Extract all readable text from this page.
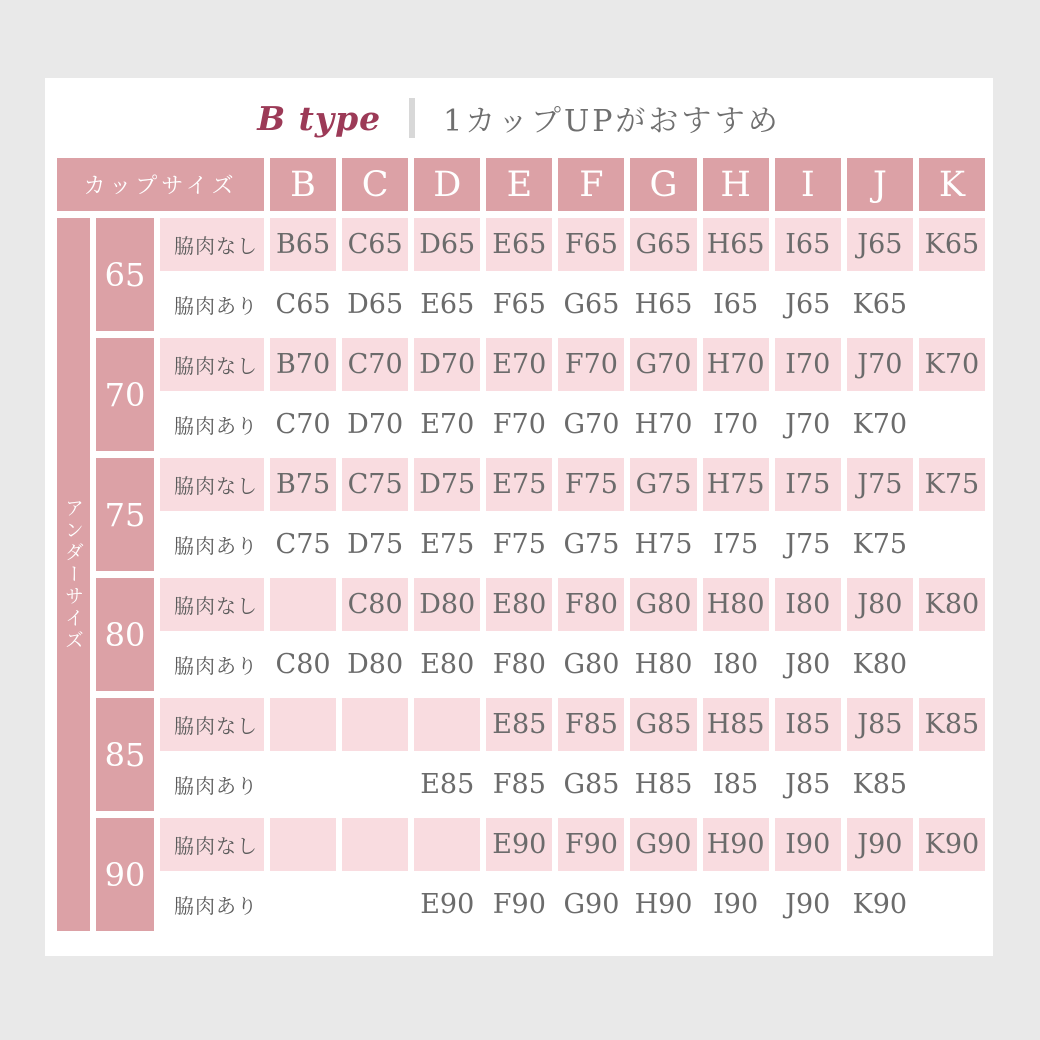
B type 1カップUPがおすすめ
カップサイズ	B	C	D	E	F	G	H	I	J	K
アンダーサイズ
65
脇肉なし B65 C65 D65 E65 F65 G65 H65 I65	J65 K65
脇肉あり C65 D65 E65 F65 G65 H65 I65 J65 K65
70
脇肉なし B70 C70 D70 E70 F70 G70 H70 I70	J70 K70
脇肉あり C70 D70 E70 F70 G70 H70 I70 J70 K70
75
脇肉なし B75 C75 D75 E75 F75 G75 H75 I75	J75 K75
脇肉あり C75 D75 E75 F75 G75 H75 I75 J75 K75
80
脇肉なし	C80 D80 E80 F80 G80 H80 I80	J80 K80
脇肉あり C80 D80 E80 F80 G80 H80 I80 J80 K80
85
脇肉なし	E85 F85 G85 H85 I85	J85 K85
脇肉あり	E85 F85 G85 H85 I85 J85 K85
90
脇肉なし	E90 F90 G90 H90 I90	J90 K90
脇肉あり	E90 F90 G90 H90 I90 J90 K90
